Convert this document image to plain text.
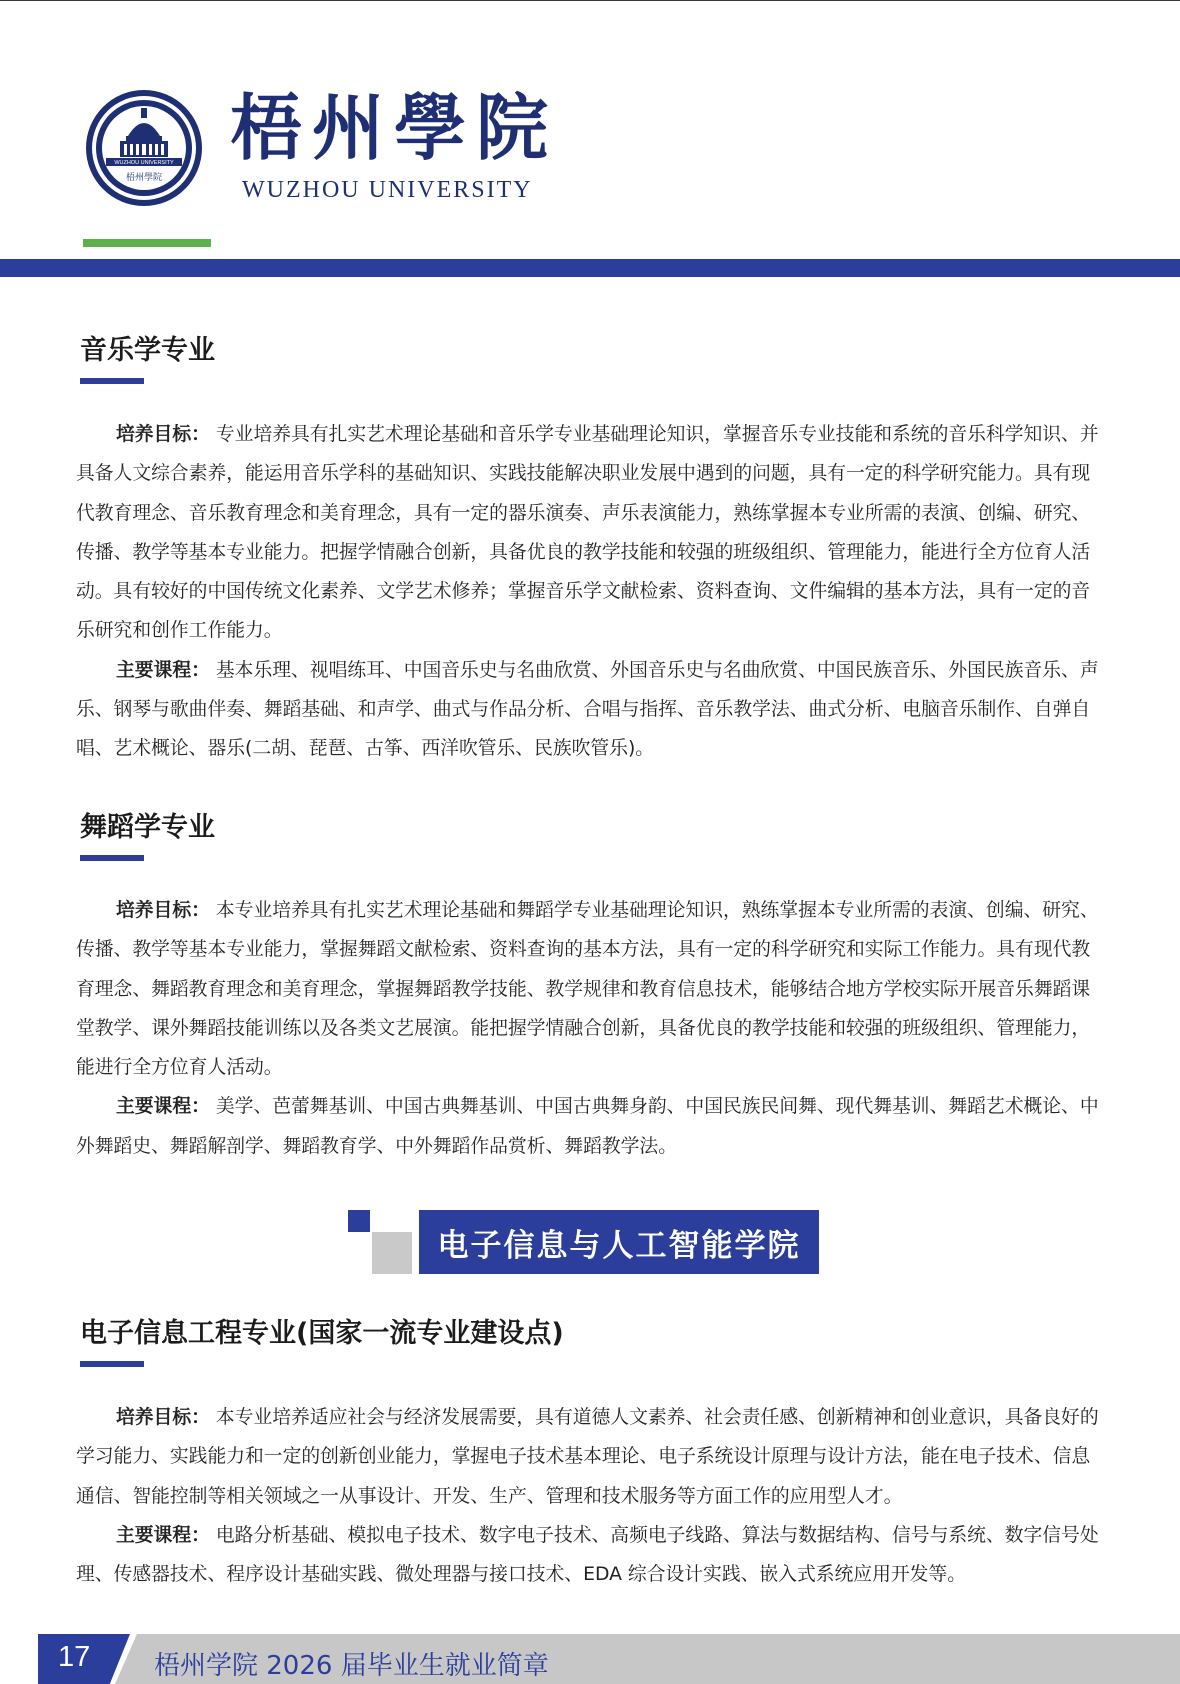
WUZHOU UNIVERSITY
梧州學院
梧州學院
WUZHOU UNIVERSITY
音乐学专业

培养目标： 专业培养具有扎实艺术理论基础和音乐学专业基础理论知识，掌握音乐专业技能和系统的音乐科学知识、并具备人文综合素养，能运用音乐学科的基础知识、实践技能解决职业发展中遇到的问题，具有一定的科学研究能力。具有现代教育理念、音乐教育理念和美育理念，具有一定的器乐演奏、声乐表演能力，熟练掌握本专业所需的表演、创编、研究、传播、教学等基本专业能力。把握学情融合创新，具备优良的教学技能和较强的班级组织、管理能力，能进行全方位育人活动。具有较好的中国传统文化素养、文学艺术修养；掌握音乐学文献检索、资料查询、文件编辑的基本方法，具有一定的音乐研究和创作工作能力。

主要课程： 基本乐理、视唱练耳、中国音乐史与名曲欣赏、外国音乐史与名曲欣赏、中国民族音乐、外国民族音乐、声乐、钢琴与歌曲伴奏、舞蹈基础、和声学、曲式与作品分析、合唱与指挥、音乐教学法、曲式分析、电脑音乐制作、自弹自唱、艺术概论、器乐(二胡、琵琶、古筝、西洋吹管乐、民族吹管乐)。

舞蹈学专业

培养目标： 本专业培养具有扎实艺术理论基础和舞蹈学专业基础理论知识，熟练掌握本专业所需的表演、创编、研究、传播、教学等基本专业能力，掌握舞蹈文献检索、资料查询的基本方法，具有一定的科学研究和实际工作能力。具有现代教育理念、舞蹈教育理念和美育理念，掌握舞蹈教学技能、教学规律和教育信息技术，能够结合地方学校实际开展音乐舞蹈课堂教学、课外舞蹈技能训练以及各类文艺展演。能把握学情融合创新，具备优良的教学技能和较强的班级组织、管理能力，能进行全方位育人活动。

主要课程： 美学、芭蕾舞基训、中国古典舞基训、中国古典舞身韵、中国民族民间舞、现代舞基训、舞蹈艺术概论、中外舞蹈史、舞蹈解剖学、舞蹈教育学、中外舞蹈作品赏析、舞蹈教学法。

电子信息与人工智能学院
电子信息工程专业(国家一流专业建设点)

培养目标： 本专业培养适应社会与经济发展需要，具有道德人文素养、社会责任感、创新精神和创业意识，具备良好的学习能力、实践能力和一定的创新创业能力，掌握电子技术基本理论、电子系统设计原理与设计方法，能在电子技术、信息通信、智能控制等相关领域之一从事设计、开发、生产、管理和技术服务等方面工作的应用型人才。

主要课程： 电路分析基础、模拟电子技术、数字电子技术、高频电子线路、算法与数据结构、信号与系统、数字信号处理、传感器技术、程序设计基础实践、微处理器与接口技术、EDA 综合设计实践、嵌入式系统应用开发等。

17 梧州学院 2026 届毕业生就业简章
